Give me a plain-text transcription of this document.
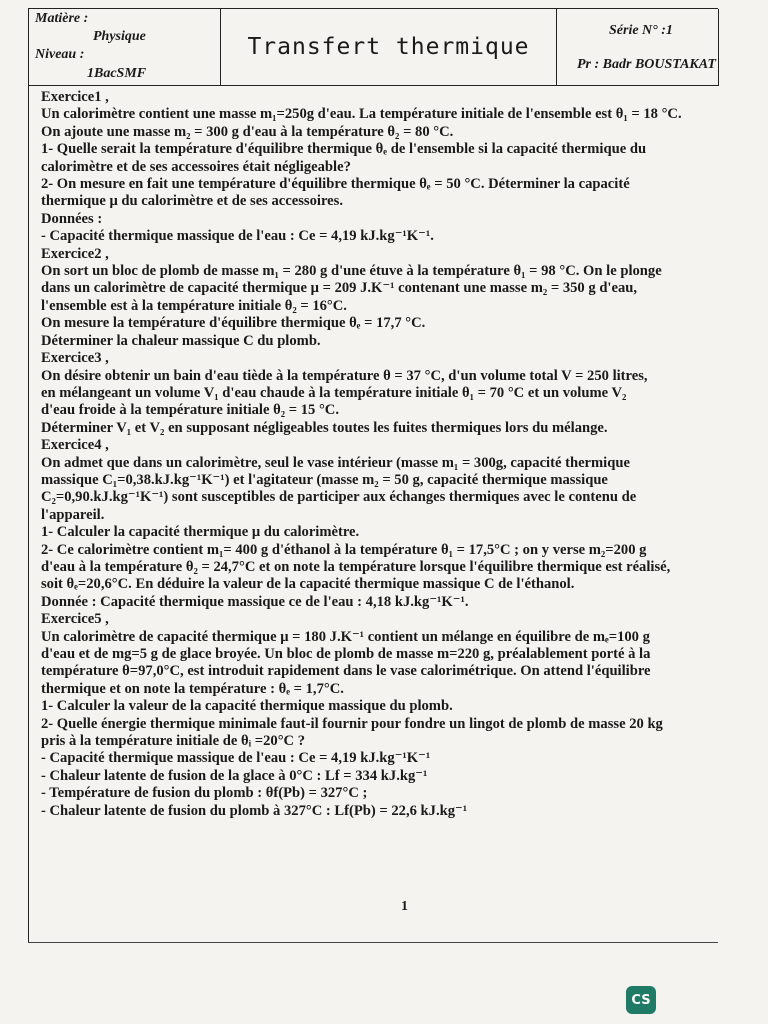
Matière :
Physique
Niveau :
1BacSMF
Transfert thermique
Série N° :1
Pr : Badr BOUSTAKAT

Exercice1 ,

Un calorimètre contient une masse m₁=250g d'eau. La température initiale de l'ensemble est θ₁ = 18 °C.

On ajoute une masse m₂ = 300 g d'eau à la température θ₂ = 80 °C.

1- Quelle serait la température d'équilibre thermique θₑ de l'ensemble si la capacité thermique du

calorimètre et de ses accessoires était négligeable?

2- On mesure en fait une température d'équilibre thermique θₑ = 50 °C. Déterminer la capacité

thermique μ du calorimètre et de ses accessoires.

Données :

- Capacité thermique massique de l'eau : Ce = 4,19 kJ.kg⁻¹K⁻¹.

Exercice2 ,

On sort un bloc de plomb de masse m₁ = 280 g d'une étuve à la température θ₁ = 98 °C. On le plonge

dans un calorimètre de capacité thermique μ = 209 J.K⁻¹ contenant une masse m₂ = 350 g d'eau,

l'ensemble est à la température initiale θ₂ = 16°C.

On mesure la température d'équilibre thermique θₑ = 17,7 °C.

Déterminer la chaleur massique C du plomb.

Exercice3 ,

On désire obtenir un bain d'eau tiède à la température θ = 37 °C, d'un volume total V = 250 litres,

en mélangeant un volume V₁ d'eau chaude à la température initiale θ₁ = 70 °C et un volume V₂

d'eau froide à la température initiale θ₂ = 15 °C.

Déterminer V₁ et V₂ en supposant négligeables toutes les fuites thermiques lors du mélange.

Exercice4 ,

On admet que dans un calorimètre, seul le vase intérieur (masse m₁ = 300g, capacité thermique

massique C₁=0,38.kJ.kg⁻¹K⁻¹) et l'agitateur (masse m₂ = 50 g, capacité thermique massique

C₂=0,90.kJ.kg⁻¹K⁻¹) sont susceptibles de participer aux échanges thermiques avec le contenu de

l'appareil.

1- Calculer la capacité thermique μ du calorimètre.

2- Ce calorimètre contient m₁= 400 g d'éthanol à la température θ₁ = 17,5°C ; on y verse m₂=200 g

d'eau à la température θ₂ = 24,7°C et on note la température lorsque l'équilibre thermique est réalisé,

soit θₑ=20,6°C. En déduire la valeur de la capacité thermique massique C de l'éthanol.

Donnée : Capacité thermique massique ce de l'eau : 4,18 kJ.kg⁻¹K⁻¹.

Exercice5 ,

Un calorimètre de capacité thermique μ = 180 J.K⁻¹ contient un mélange en équilibre de mₑ=100 g

d'eau et de mg=5 g de glace broyée. Un bloc de plomb de masse m=220 g, préalablement porté à la

température θ=97,0°C, est introduit rapidement dans le vase calorimétrique. On attend l'équilibre

thermique et on note la température : θₑ = 1,7°C.

1- Calculer la valeur de la capacité thermique massique du plomb.

2- Quelle énergie thermique minimale faut-il fournir pour fondre un lingot de plomb de masse 20 kg

pris à la température initiale de θᵢ =20°C ?

- Capacité thermique massique de l'eau : Ce = 4,19 kJ.kg⁻¹K⁻¹

- Chaleur latente de fusion de la glace à 0°C : Lf = 334 kJ.kg⁻¹

- Température de fusion du plomb : θf(Pb) = 327°C ;

- Chaleur latente de fusion du plomb à 327°C : Lf(Pb) = 22,6 kJ.kg⁻¹

1
CS
